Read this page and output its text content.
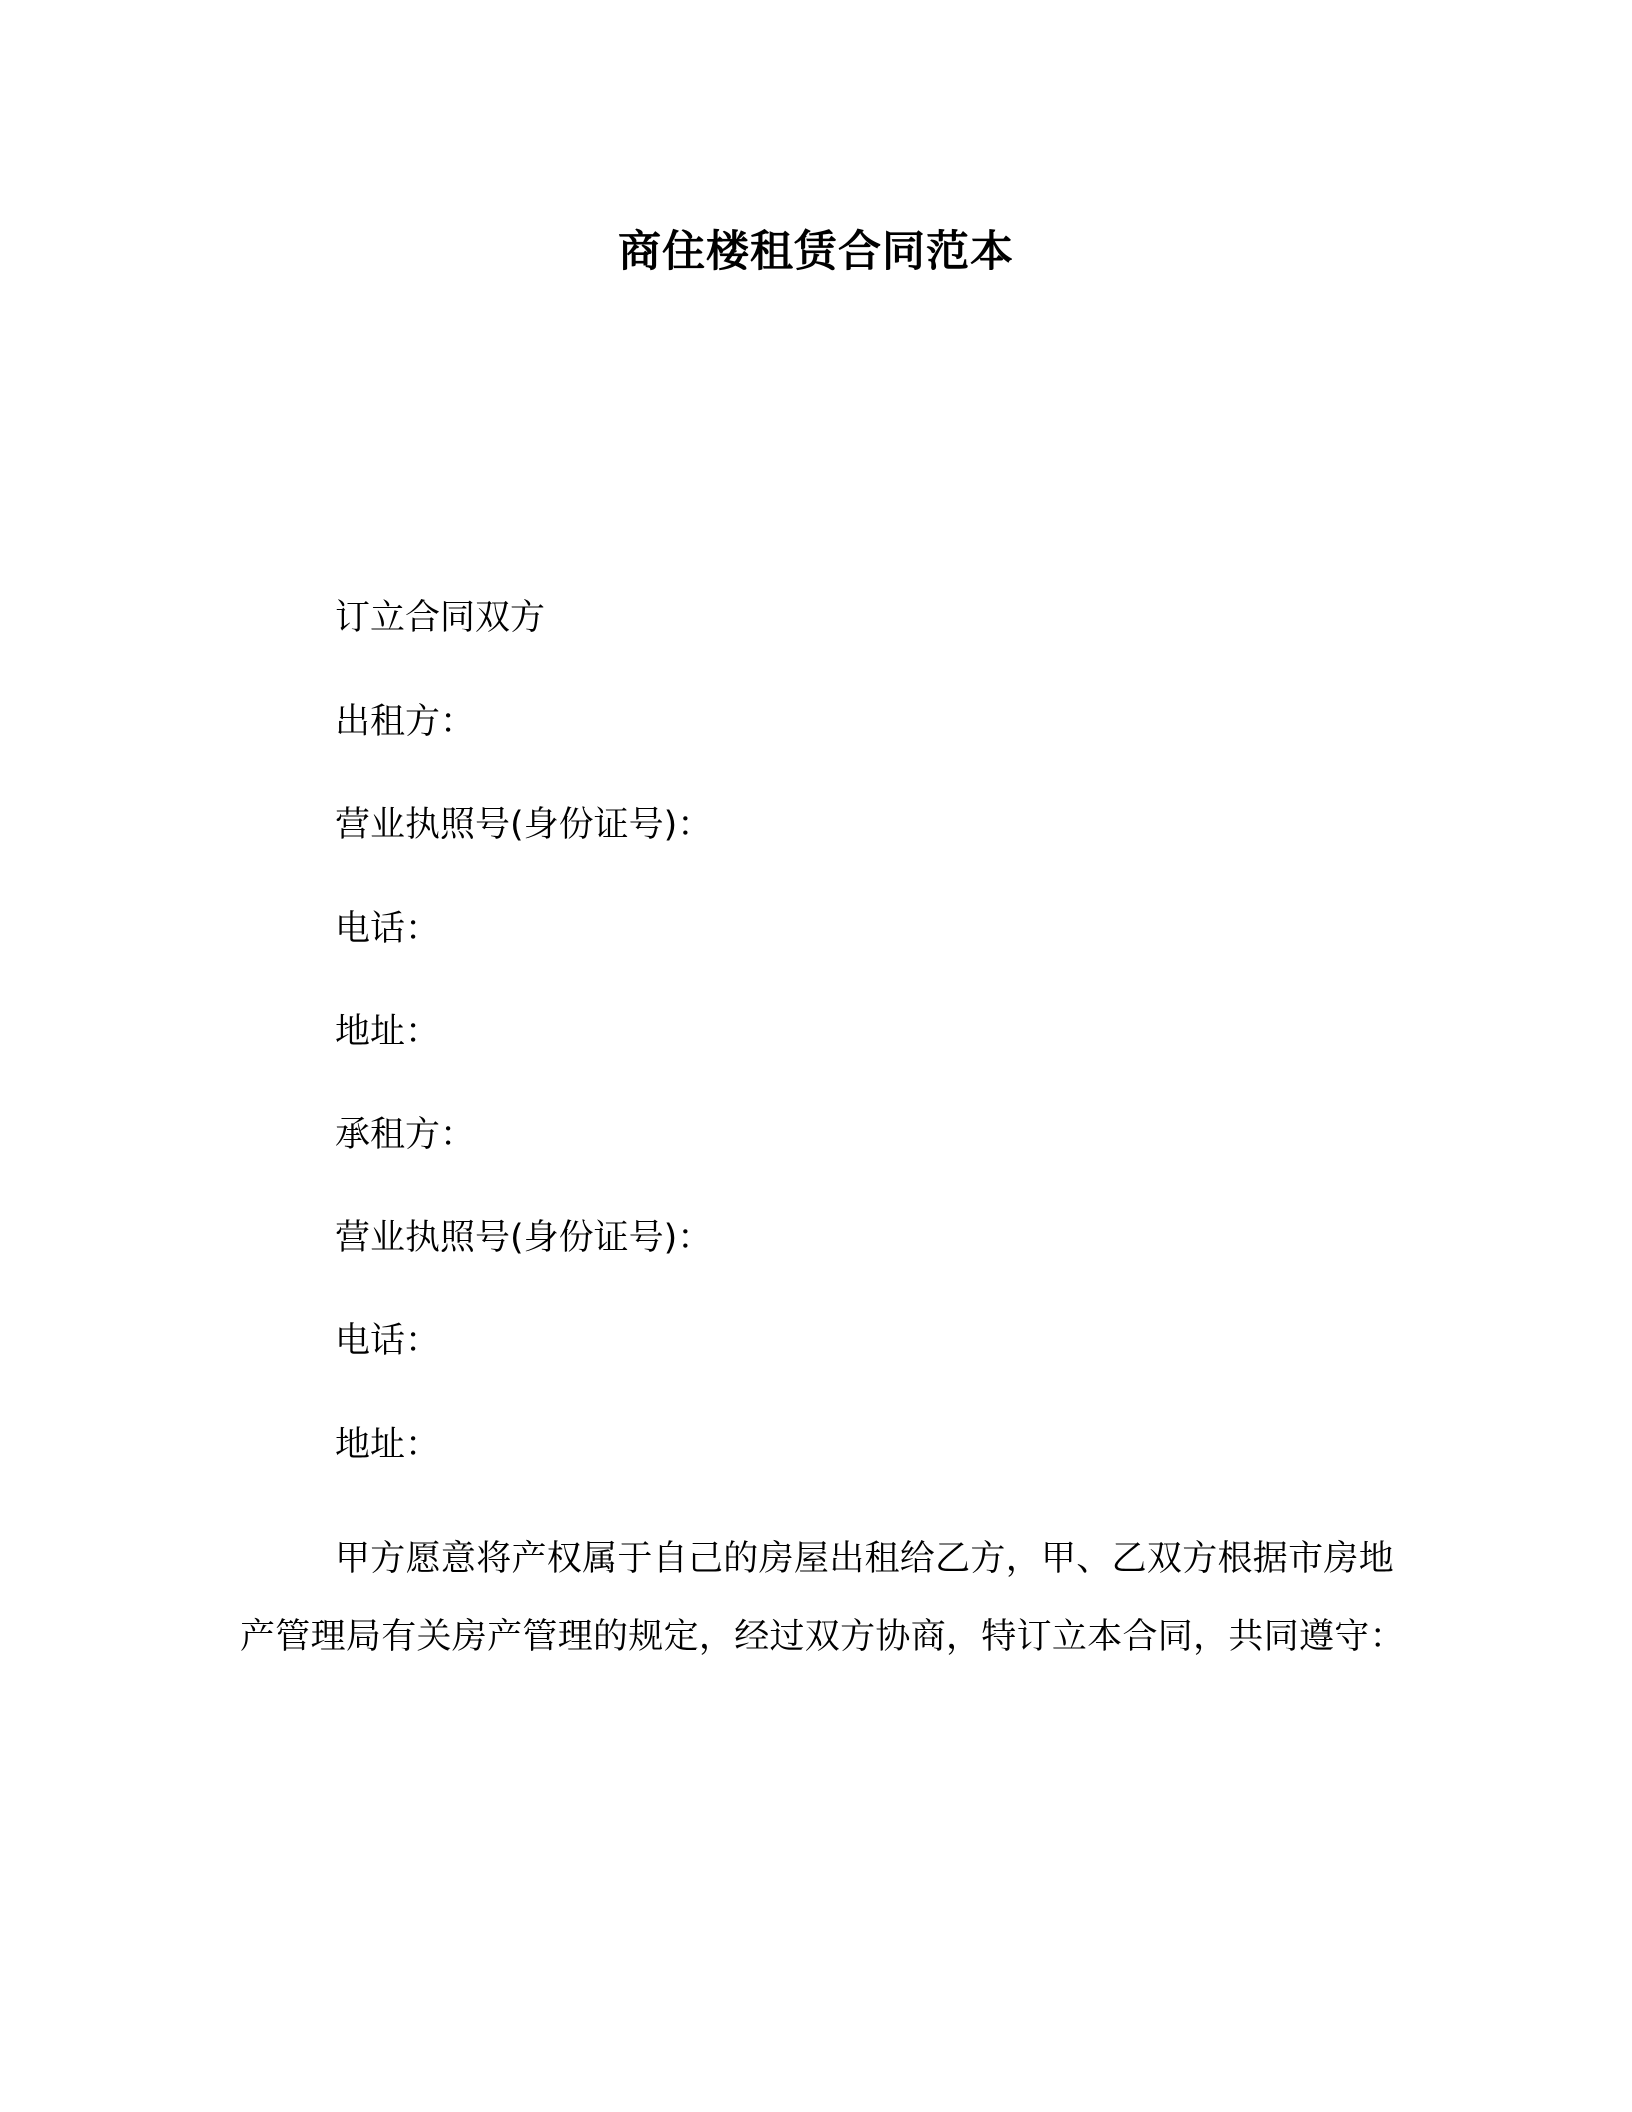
商住楼租赁合同范本
订立合同双方
出租方：
营业执照号(身份证号)：
电话：
地址：
承租方：
营业执照号(身份证号)：
电话：
地址：
甲方愿意将产权属于自己的房屋出租给乙方，甲、乙双方根据市房地产管理局有关房产管理的规定，经过双方协商，特订立本合同，共同遵守：
